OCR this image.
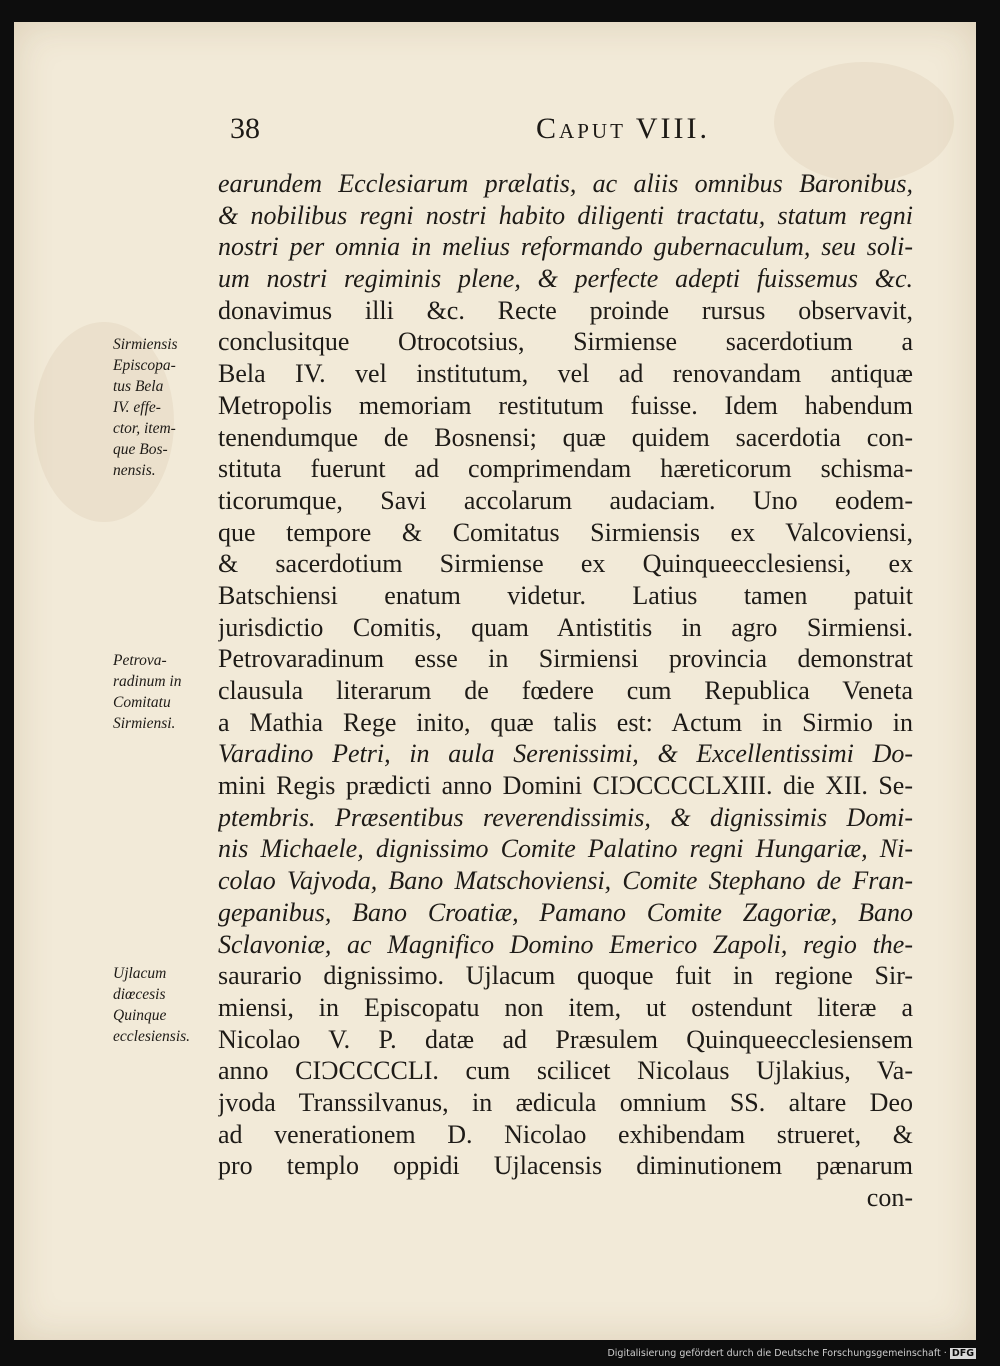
38	Caput VIII.
earundem Ecclesiarum prælatis, ac aliis omnibus Baronibus,
& nobilibus regni nostri habito diligenti tractatu, statum regni
nostri per omnia in melius reformando gubernaculum, seu soli-
um nostri regiminis plene, & perfecte adepti fuissemus &c.
donavimus illi &c. Recte proinde rursus observavit,
conclusitque Otrocotsius, Sirmiense sacerdotium a
Bela IV. vel institutum, vel ad renovandam antiquæ
Metropolis memoriam restitutum fuisse. Idem habendum
tenendumque de Bosnensi; quæ quidem sacerdotia con-
stituta fuerunt ad comprimendam hæreticorum schisma-
ticorumque, Savi accolarum audaciam. Uno eodem-
que tempore & Comitatus Sirmiensis ex Valcoviensi,
& sacerdotium Sirmiense ex Quinqueecclesiensi, ex
Batschiensi enatum videtur. Latius tamen patuit
jurisdictio Comitis, quam Antistitis in agro Sirmiensi.
Petrovaradinum esse in Sirmiensi provincia demonstrat
clausula literarum de fœdere cum Republica Veneta
a Mathia Rege inito, quæ talis est: Actum in Sirmio in
Varadino Petri, in aula Serenissimi, & Excellentissimi Do-
mini Regis prædicti anno Domini CIƆCCCCLXIII. die XII. Se-
ptembris. Præsentibus reverendissimis, & dignissimis Domi-
nis Michaele, dignissimo Comite Palatino regni Hungariæ, Ni-
colao Vajvoda, Bano Matschoviensi, Comite Stephano de Fran-
gepanibus, Bano Croatiæ, Pamano Comite Zagoriæ, Bano
Sclavoniæ, ac Magnifico Domino Emerico Zapoli, regio the-
saurario dignissimo. Ujlacum quoque fuit in regione Sir-
miensi, in Episcopatu non item, ut ostendunt literæ a
Nicolao V. P. datæ ad Præsulem Quinqueecclesiensem
anno CIƆCCCCLI. cum scilicet Nicolaus Ujlakius, Va-
jvoda Transsilvanus, in ædicula omnium SS. altare Deo
ad venerationem D. Nicolao exhibendam strueret, &
pro templo oppidi Ujlacensis diminutionem pænarum
con-
Sirmiensis
Episcopa-
tus Bela
IV. effe-
ctor, item-
que Bos-
nensis.
Petrova-
radinum in
Comitatu
Sirmiensi.
Ujlacum
diœcesis
Quinque
ecclesiensis.
Digitalisierung gefördert durch die Deutsche Forschungsgemeinschaft · DFG
